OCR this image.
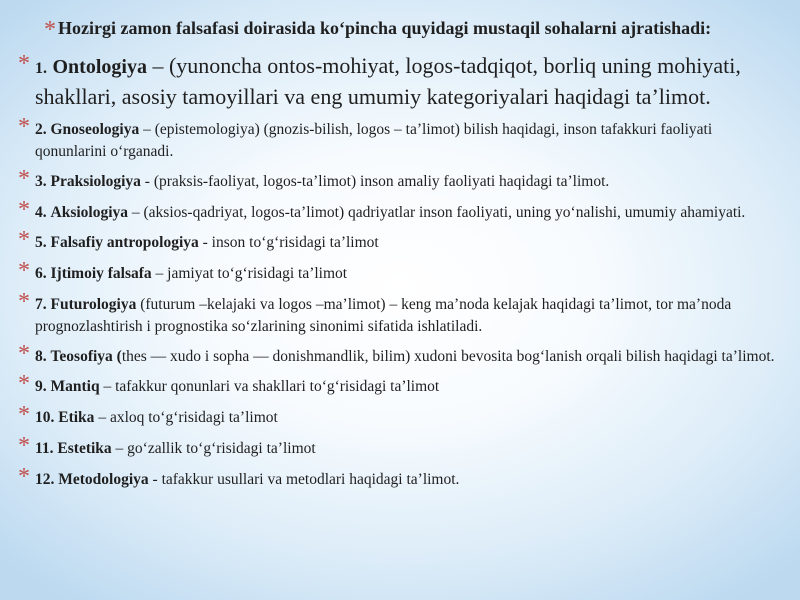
* Hozirgi zamon falsafasi doirasida ko‘pincha quyidagi mustaqil sohalarni ajratishadi:
* 1. Ontologiya – (yunoncha ontos-mohiyat, logos-tadqiqot, borliq uning mohiyati, shakllari, asosiy tamoyillari va eng umumiy kategoriyalari haqidagi ta’limot.
* 2. Gnoseologiya – (epistemologiya) (gnozis-bilish, logos – ta’limot) bilish haqidagi, inson tafakkuri faoliyati qonunlarini o‘rganadi.
* 3. Praksiologiya - (praksis-faoliyat, logos-ta’limot) inson amaliy faoliyati haqidagi ta’limot.
* 4. Aksiologiya – (aksios-qadriyat, logos-ta’limot) qadriyatlar inson faoliyati, uning yo‘nalishi, umumiy ahamiyati.
* 5. Falsafiy antropologiya - inson to‘g‘risidagi ta’limot
* 6. Ijtimoiy falsafa – jamiyat to‘g‘risidagi ta’limot
* 7. Futurologiya (futurum –kelajaki va logos –ma’limot) – keng ma’noda kelajak haqidagi ta’limot, tor ma’noda prognozlashtirish i prognostika so‘zlarining sinonimi sifatida ishlatiladi.
* 8. Teosofiya (thes — xudo i sopha — donishmandlik, bilim) xudoni bevosita bog‘lanish orqali bilish haqidagi ta’limot.
* 9. Mantiq – tafakkur qonunlari va shakllari to‘g‘risidagi ta’limot
* 10. Etika – axloq to‘g‘risidagi ta’limot
* 11. Estetika – go‘zallik to‘g‘risidagi ta’limot
* 12. Metodologiya - tafakkur usullari va metodlari haqidagi ta’limot.
